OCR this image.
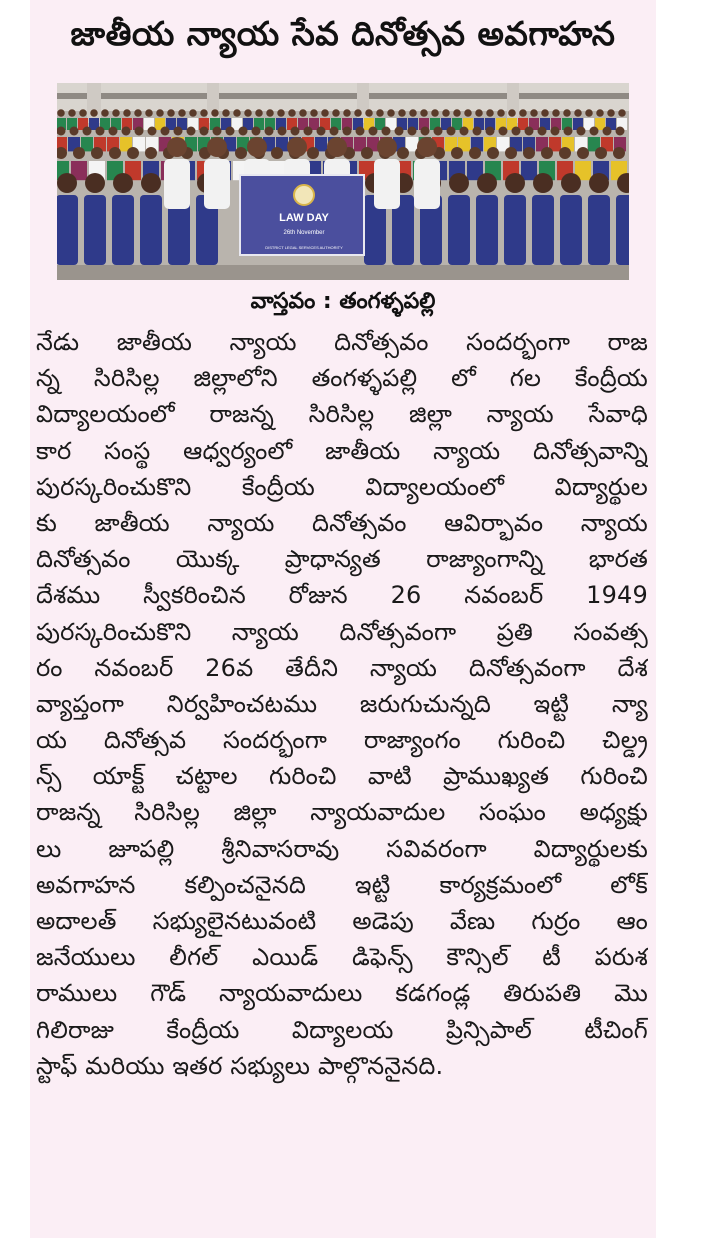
జాతీయ న్యాయ సేవ దినోత్సవ అవగాహన
LAW DAY
26th November
DISTRICT LEGAL SERVICES AUTHORITY
వాస్తవం : తంగళ్ళపల్లి
నేడు జాతీయ న్యాయ దినోత్సవం సందర్భంగా రాజ
న్న సిరిసిల్ల జిల్లాలోని తంగళ్ళపల్లి లో గల కేంద్రీయ
విద్యాలయంలో రాజన్న సిరిసిల్ల జిల్లా న్యాయ సేవాధి
కార సంస్థ ఆధ్వర్యంలో జాతీయ న్యాయ దినోత్సవాన్ని
పురస్కరించుకొని కేంద్రీయ విద్యాలయంలో విద్యార్థుల
కు జాతీయ న్యాయ దినోత్సవం ఆవిర్భావం న్యాయ
దినోత్సవం యొక్క ప్రాధాన్యత రాజ్యాంగాన్ని భారత
దేశము స్వీకరించిన రోజున 26 నవంబర్ 1949
పురస్కరించుకొని న్యాయ దినోత్సవంగా ప్రతి సంవత్స
రం నవంబర్ 26వ తేదీని న్యాయ దినోత్సవంగా దేశ
వ్యాప్తంగా నిర్వహించటము జరుగుచున్నది ఇట్టి న్యా
య దినోత్సవ సందర్భంగా రాజ్యాంగం గురించి చిల్డ్ర
న్స్ యాక్ట్ చట్టాల గురించి వాటి ప్రాముఖ్యత గురించి
రాజన్న సిరిసిల్ల జిల్లా న్యాయవాదుల సంఘం అధ్యక్షు
లు జూపల్లి శ్రీనివాసరావు సవివరంగా విద్యార్థులకు
అవగాహన కల్పించనైనది ఇట్టి కార్యక్రమంలో లోక్
అదాలత్ సభ్యులైనటువంటి అడెపు వేణు గుర్రం ఆం
జనేయులు లీగల్ ఎయిడ్ డిఫెన్స్ కౌన్సిల్ టీ పరుశ
రాములు గౌడ్ న్యాయవాదులు కడగండ్ల తిరుపతి మొ
గిలిరాజు కేంద్రీయ విద్యాలయ ప్రిన్సిపాల్ టీచింగ్
స్టాఫ్ మరియు ఇతర సభ్యులు పాల్గొననైనది.
